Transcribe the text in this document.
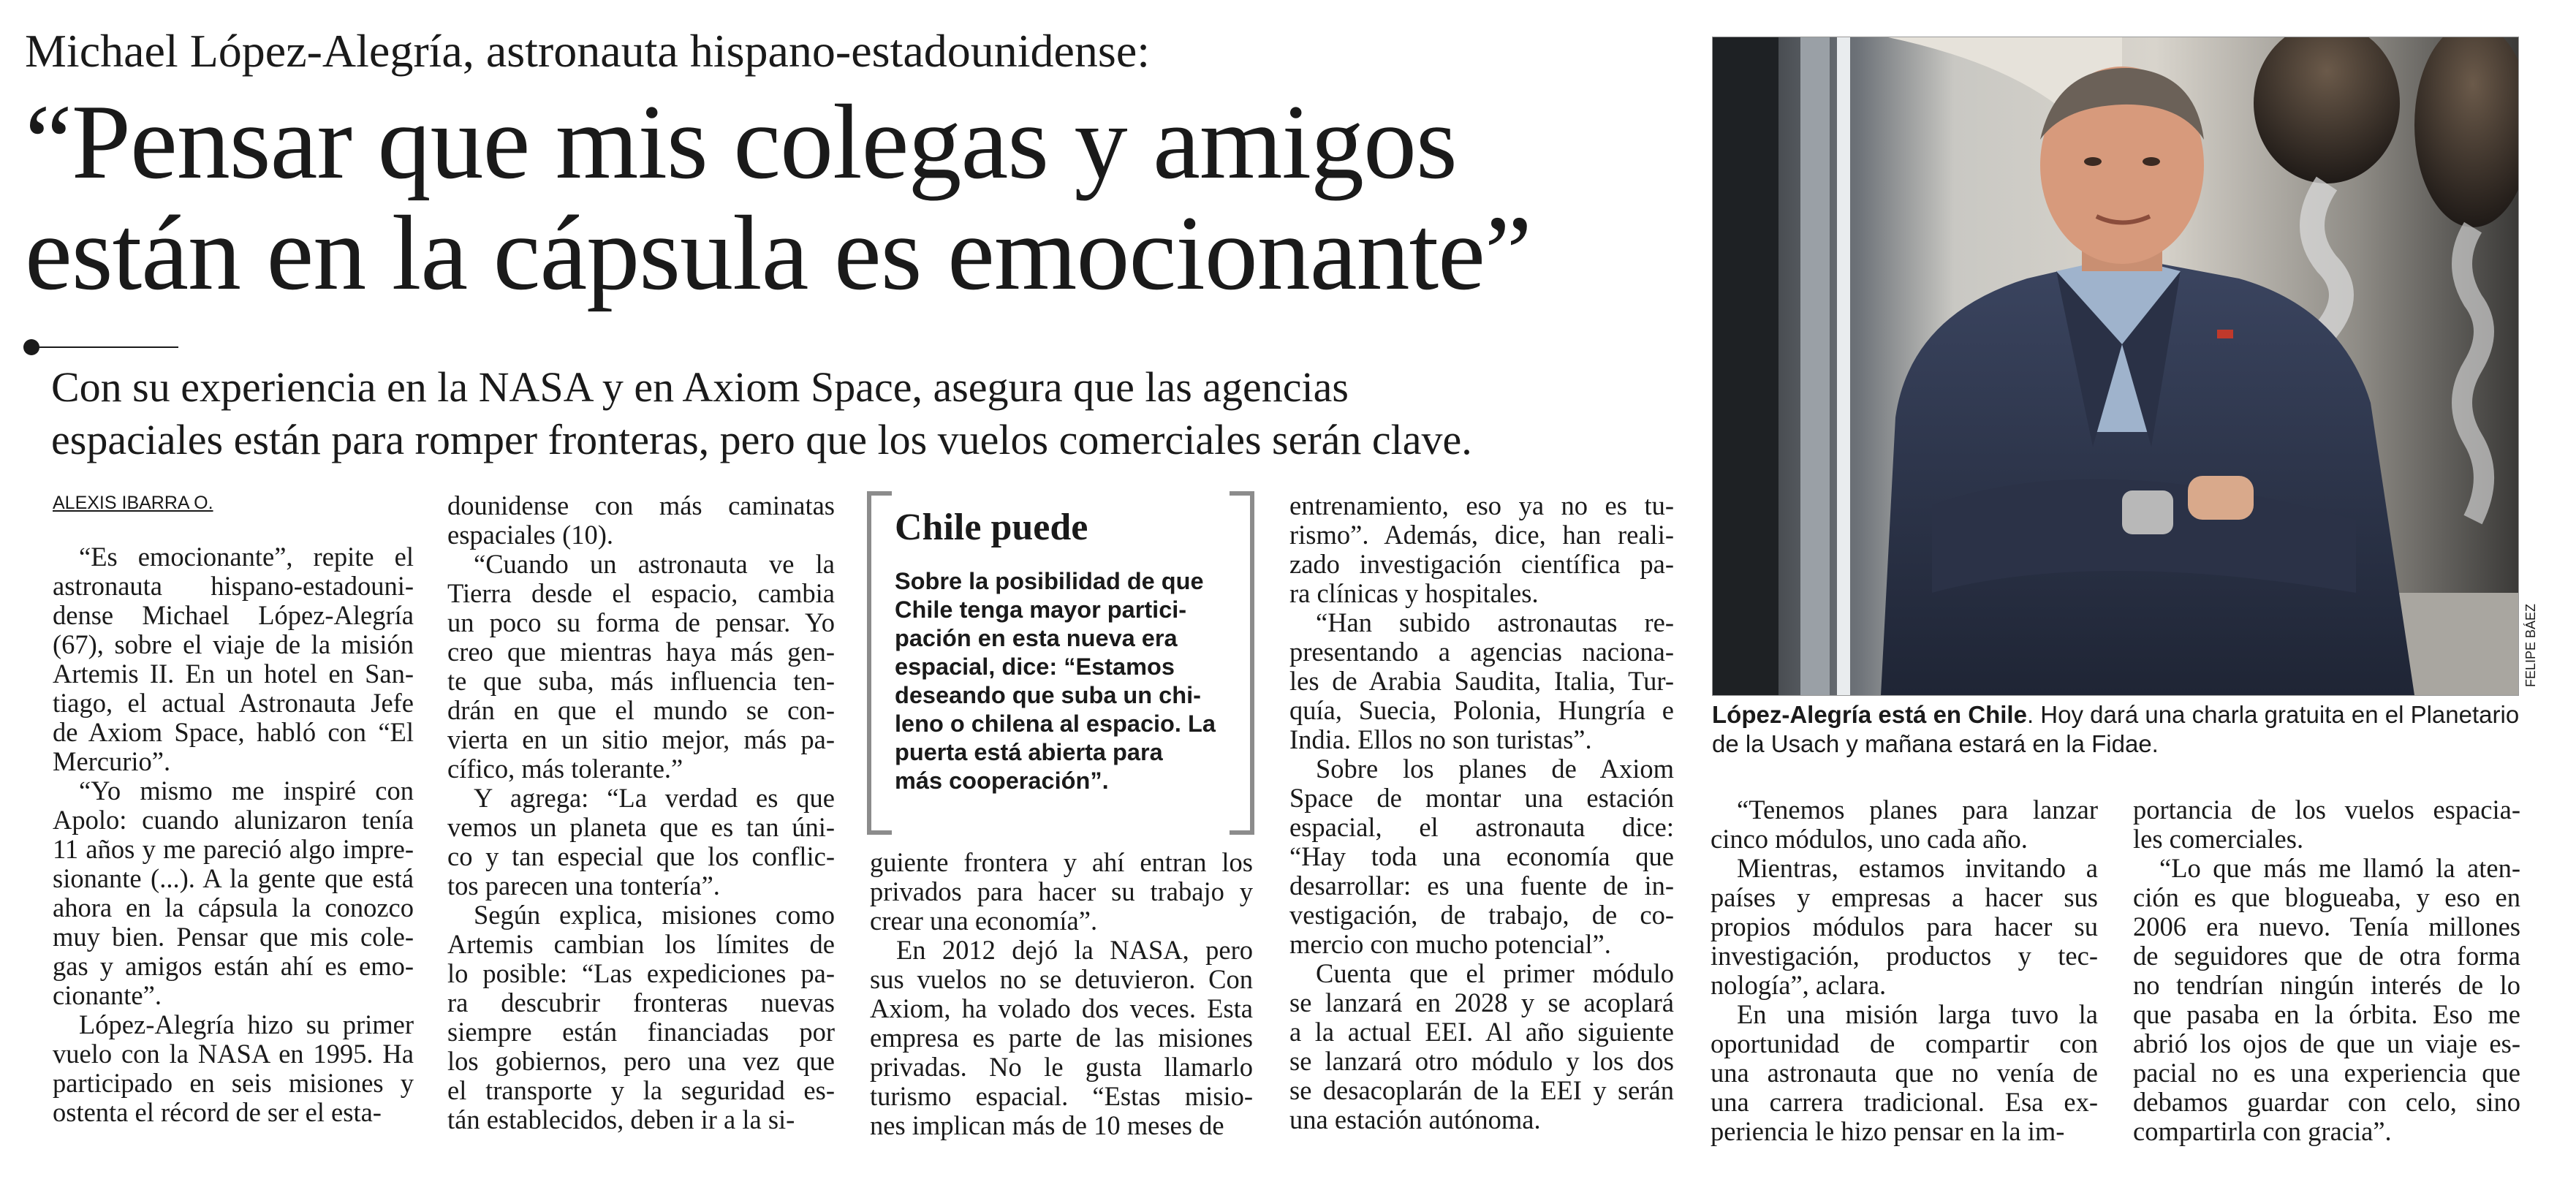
Michael López-Alegría, astronauta hispano-estadounidense:
“Pensar que mis colegas y amigos
están en la cápsula es emocionante”
Con su experiencia en la NASA y en Axiom Space, asegura que las agencias
espaciales están para romper fronteras, pero que los vuelos comerciales serán clave.
ALEXIS IBARRA O.
“Es emocionante”, repite el
astronauta hispano-estadouni-
dense Michael López-Alegría
(67), sobre el viaje de la misión
Artemis II. En un hotel en San-
tiago, el actual Astronauta Jefe
de Axiom Space, habló con “El
Mercurio”.
“Yo mismo me inspiré con
Apolo: cuando alunizaron tenía
11 años y me pareció algo impre-
sionante (...). A la gente que está
ahora en la cápsula la conozco
muy bien. Pensar que mis cole-
gas y amigos están ahí es emo-
cionante”.
López-Alegría hizo su primer
vuelo con la NASA en 1995. Ha
participado en seis misiones y
ostenta el récord de ser el esta-
dounidense con más caminatas
espaciales (10).
“Cuando un astronauta ve la
Tierra desde el espacio, cambia
un poco su forma de pensar. Yo
creo que mientras haya más gen-
te que suba, más influencia ten-
drán en que el mundo se con-
vierta en un sitio mejor, más pa-
cífico, más tolerante.”
Y agrega: “La verdad es que
vemos un planeta que es tan úni-
co y tan especial que los conflic-
tos parecen una tontería”.
Según explica, misiones como
Artemis cambian los límites de
lo posible: “Las expediciones pa-
ra descubrir fronteras nuevas
siempre están financiadas por
los gobiernos, pero una vez que
el transporte y la seguridad es-
tán establecidos, deben ir a la si-
Chile puede
Sobre la posibilidad de que
Chile tenga mayor partici-
pación en esta nueva era
espacial, dice: “Estamos
deseando que suba un chi-
leno o chilena al espacio. La
puerta está abierta para
más cooperación”.
guiente frontera y ahí entran los
privados para hacer su trabajo y
crear una economía”.
En 2012 dejó la NASA, pero
sus vuelos no se detuvieron. Con
Axiom, ha volado dos veces. Esta
empresa es parte de las misiones
privadas. No le gusta llamarlo
turismo espacial. “Estas misio-
nes implican más de 10 meses de
entrenamiento, eso ya no es tu-
rismo”. Además, dice, han reali-
zado investigación científica pa-
ra clínicas y hospitales.
“Han subido astronautas re-
presentando a agencias naciona-
les de Arabia Saudita, Italia, Tur-
quía, Suecia, Polonia, Hungría e
India. Ellos no son turistas”.
Sobre los planes de Axiom
Space de montar una estación
espacial, el astronauta dice:
“Hay toda una economía que
desarrollar: es una fuente de in-
vestigación, de trabajo, de co-
mercio con mucho potencial”.
Cuenta que el primer módulo
se lanzará en 2028 y se acoplará
a la actual EEI. Al año siguiente
se lanzará otro módulo y los dos
se desacoplarán de la EEI y serán
una estación autónoma.
FELIPE BÁEZ
López-Alegría está en Chile. Hoy dará una charla gratuita en el Planetario
de la Usach y mañana estará en la Fidae.
“Tenemos planes para lanzar
cinco módulos, uno cada año.
Mientras, estamos invitando a
países y empresas a hacer sus
propios módulos para hacer su
investigación, productos y tec-
nología”, aclara.
En una misión larga tuvo la
oportunidad de compartir con
una astronauta que no venía de
una carrera tradicional. Esa ex-
periencia le hizo pensar en la im-
portancia de los vuelos espacia-
les comerciales.
“Lo que más me llamó la aten-
ción es que blogueaba, y eso en
2006 era nuevo. Tenía millones
de seguidores que de otra forma
no tendrían ningún interés de lo
que pasaba en la órbita. Eso me
abrió los ojos de que un viaje es-
pacial no es una experiencia que
debamos guardar con celo, sino
compartirla con gracia”.
